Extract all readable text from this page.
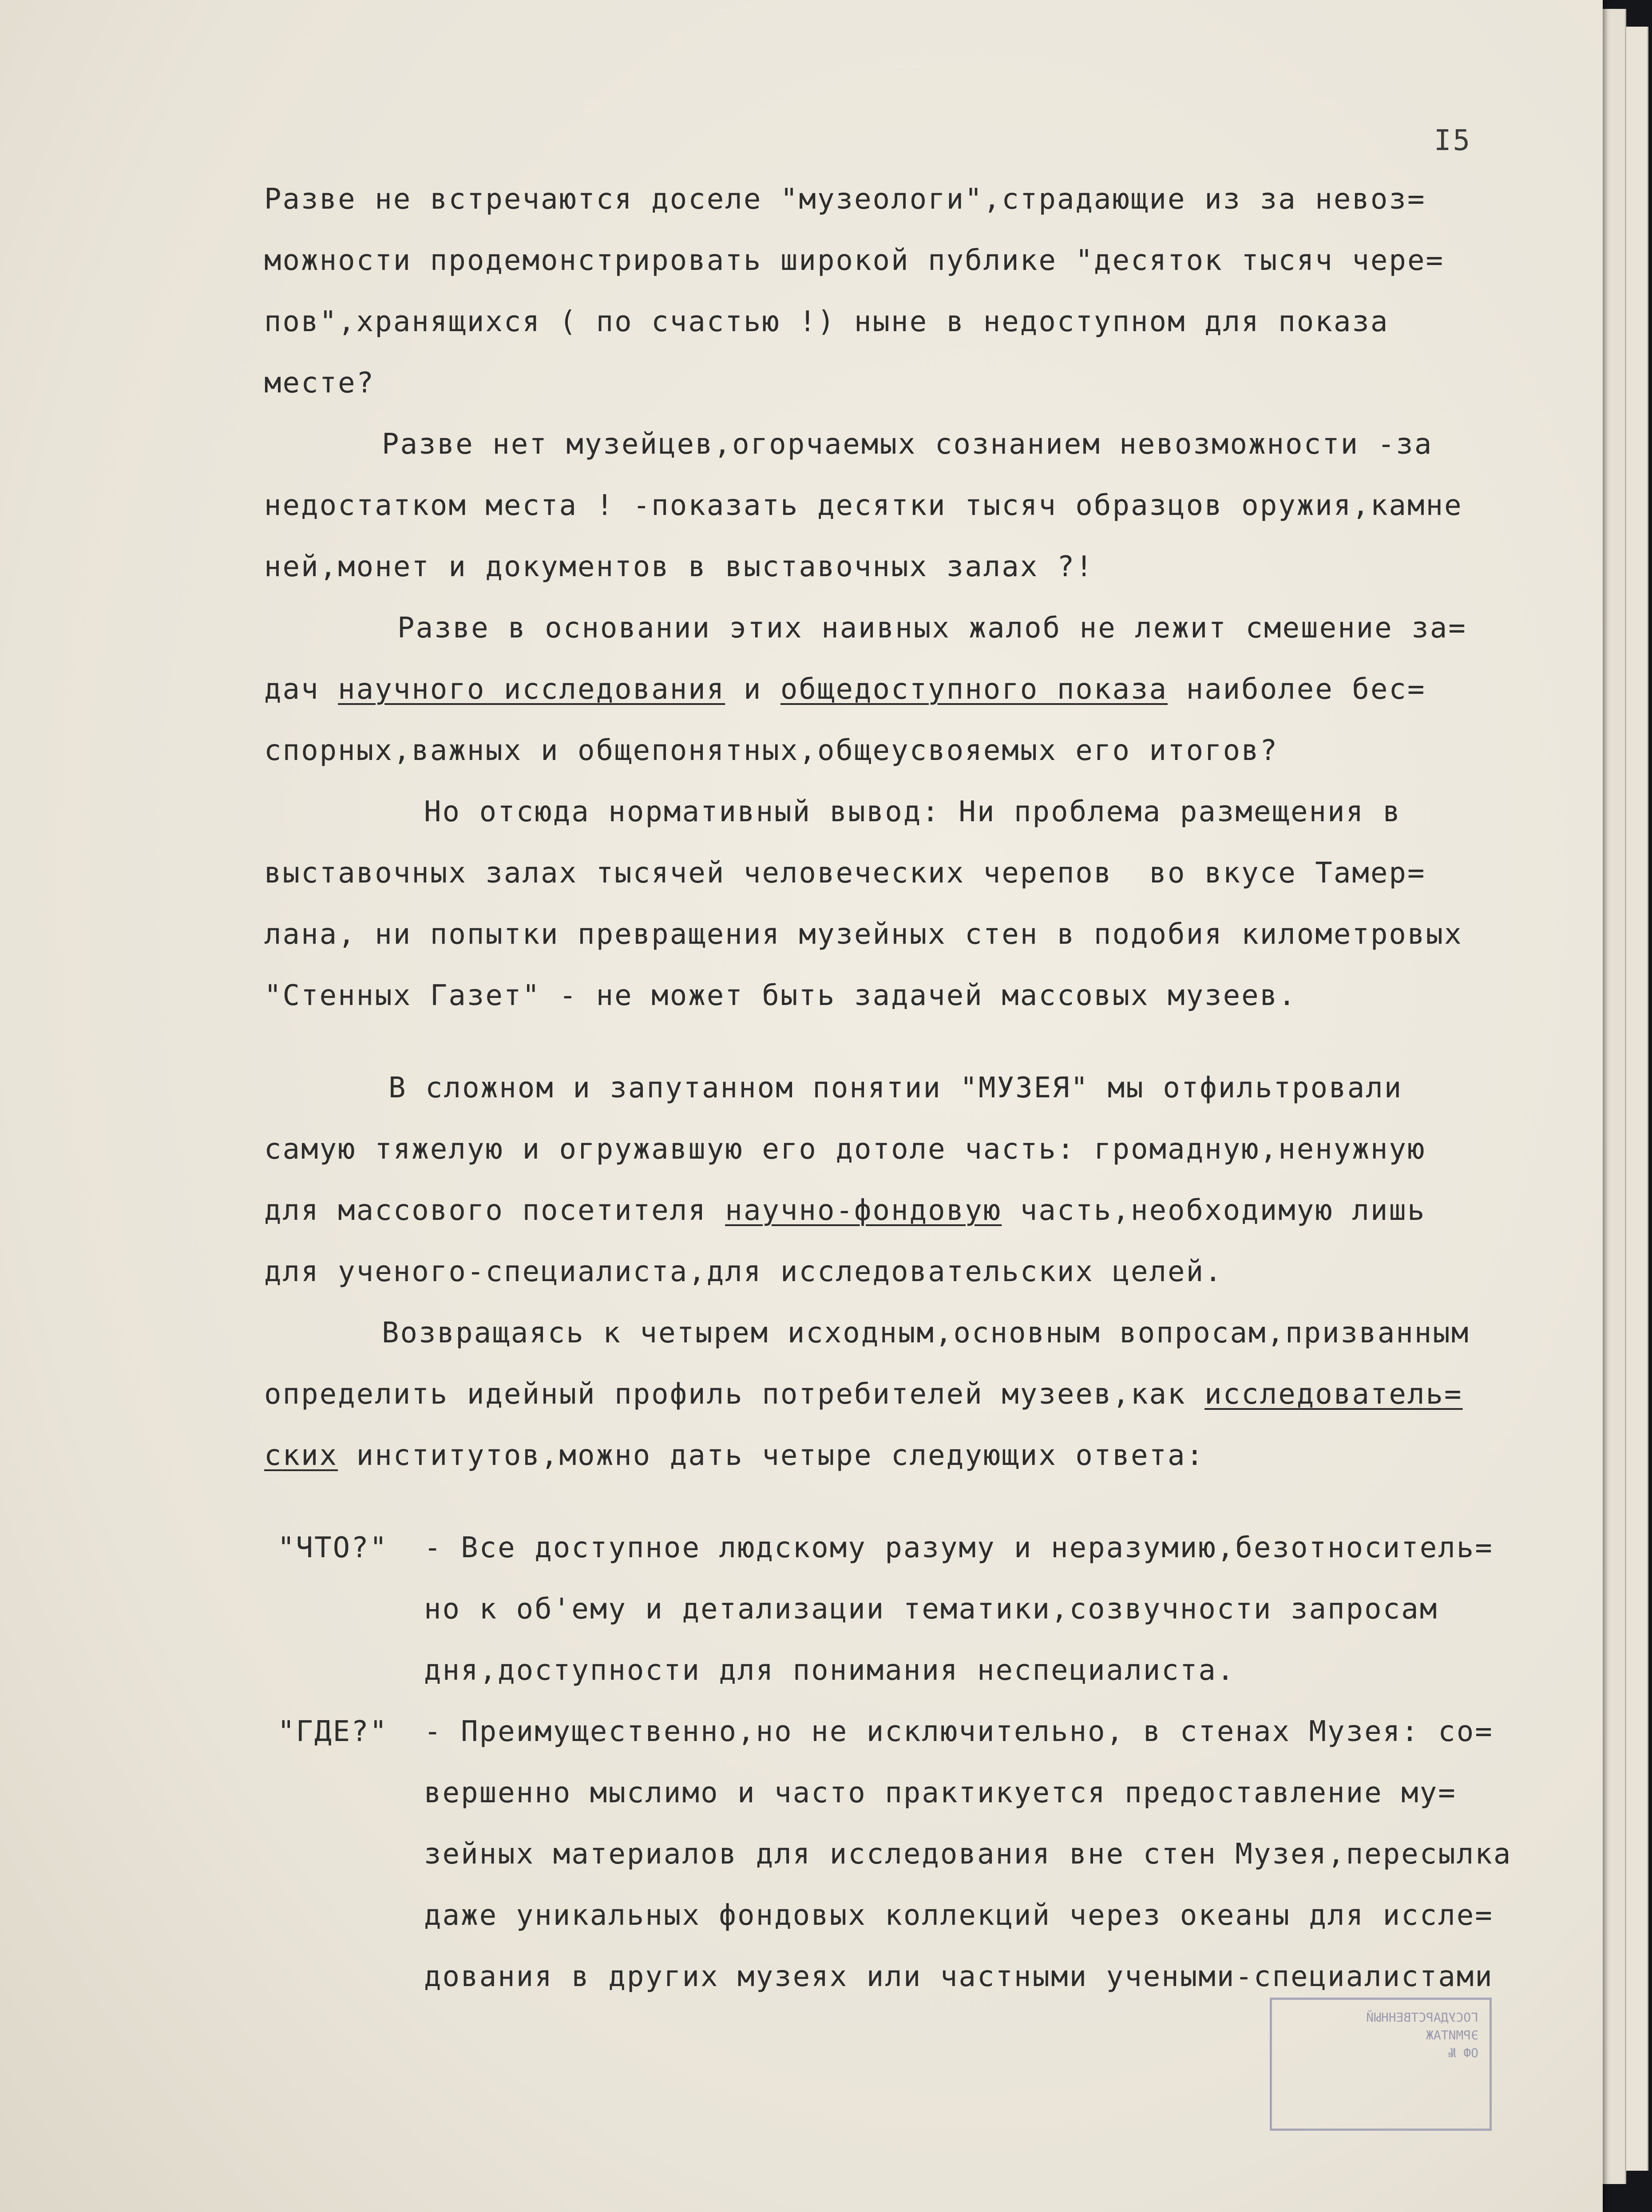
I5
Разве не встречаются доселе "музеологи",страдающие из за невоз=
можности продемонстрировать широкой публике "десяток тысяч чере=
пов",хранящихся ( по счастью !) ныне в недоступном для показа
месте?
Разве нет музейцев,огорчаемых сознанием невозможности -за
недостатком места ! -показать десятки тысяч образцов оружия,камне
ней,монет и документов в выставочных залах ?!
Разве в основании этих наивных жалоб не лежит смешение за=
дач научного исследования и общедоступного показа наиболее бес=
спорных,важных и общепонятных,общеусвояемых его итогов?
Но отсюда нормативный вывод: Ни проблема размещения в
выставочных залах тысячей человеческих черепов  во вкусе Тамер=
лана, ни попытки превращения музейных стен в подобия километровых
"Стенных Газет" - не может быть задачей массовых музеев.
В сложном и запутанном понятии "МУЗЕЯ" мы отфильтровали
самую тяжелую и огружавшую его дотоле часть: громадную,ненужную
для массового посетителя научно-фондовую часть,необходимую лишь
для ученого-специалиста,для исследовательских целей.
Возвращаясь к четырем исходным,основным вопросам,призванным
определить идейный профиль потребителей музеев,как исследователь=
ских институтов,можно дать четыре следующих ответа:
"ЧТО?" - Все доступное людскому разуму и неразумию,безотноситель=
но к об'ему и детализации тематики,созвучности запросам
дня,доступности для понимания неспециалиста.
"ГДЕ?" - Преимущественно,но не исключительно, в стенах Музея: со=
вершенно мыслимо и часто практикуется предоставление му=
зейных материалов для исследования вне стен Музея,пересылка
даже уникальных фондовых коллекций через океаны для иссле=
дования в других музеях или частными учеными-специалистами
ГОСУДАРСТВЕННЫЙ
ЭРМИТАЖ
ОФ №
